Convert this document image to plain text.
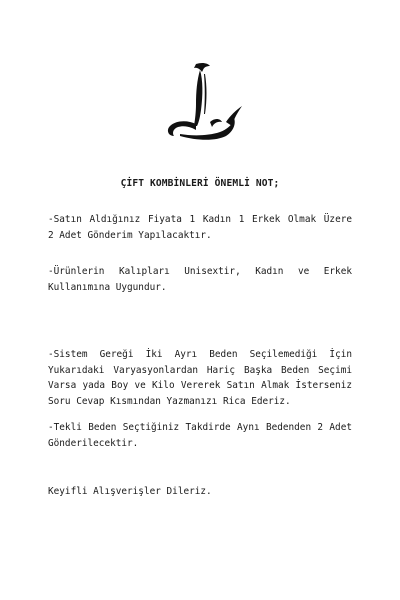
ÇİFT KOMBİNLERİ ÖNEMLİ NOT;
-Satın Aldığınız Fiyata 1 Kadın 1 Erkek Olmak Üzere
2 Adet Gönderim Yapılacaktır.
-Ürünlerin Kalıpları Unisextir, Kadın ve Erkek
Kullanımına Uygundur.
-Sistem Gereği İki Ayrı Beden Seçilemediği İçin
Yukarıdaki Varyasyonlardan Hariç Başka Beden Seçimi
Varsa yada Boy ve Kilo Vererek Satın Almak İsterseniz
Soru Cevap Kısmından Yazmanızı Rica Ederiz.
-Tekli Beden Seçtiğiniz Takdirde Aynı Bedenden 2 Adet
Gönderilecektir.
Keyifli Alışverişler Dileriz.
